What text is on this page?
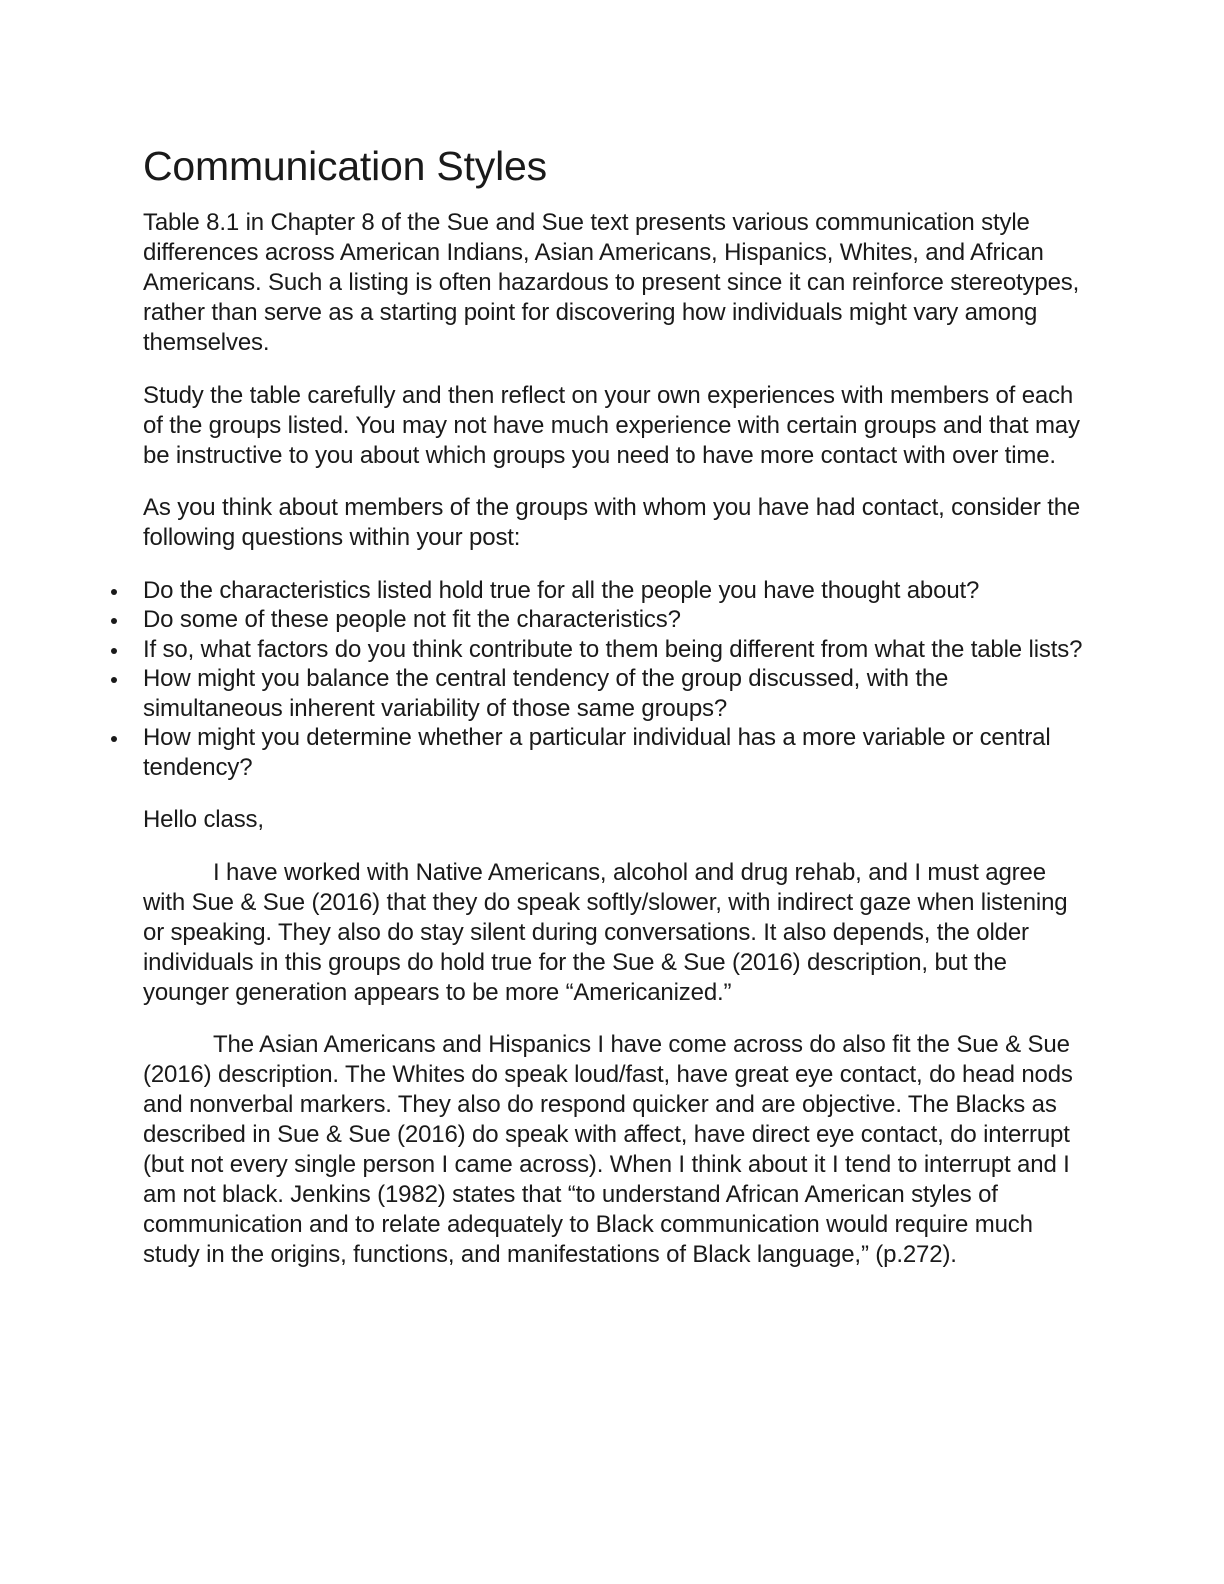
Communication Styles

Table 8.1 in Chapter 8 of the Sue and Sue text presents various communication style differences across American Indians, Asian Americans, Hispanics, Whites, and African Americans. Such a listing is often hazardous to present since it can reinforce stereotypes, rather than serve as a starting point for discovering how individuals might vary among themselves.

Study the table carefully and then reflect on your own experiences with members of each of the groups listed. You may not have much experience with certain groups and that may be instructive to you about which groups you need to have more contact with over time.

As you think about members of the groups with whom you have had contact, consider the following questions within your post:

Do the characteristics listed hold true for all the people you have thought about?
Do some of these people not fit the characteristics?
If so, what factors do you think contribute to them being different from what the table lists?
How might you balance the central tendency of the group discussed, with the simultaneous inherent variability of those same groups?
How might you determine whether a particular individual has a more variable or central tendency?

Hello class,

I have worked with Native Americans, alcohol and drug rehab, and I must agree with Sue & Sue (2016) that they do speak softly/slower, with indirect gaze when listening or speaking. They also do stay silent during conversations. It also depends, the older individuals in this groups do hold true for the Sue & Sue (2016) description, but the younger generation appears to be more “Americanized.”

The Asian Americans and Hispanics I have come across do also fit the Sue & Sue (2016) description. The Whites do speak loud/fast, have great eye contact, do head nods and nonverbal markers. They also do respond quicker and are objective. The Blacks as described in Sue & Sue (2016) do speak with affect, have direct eye contact, do interrupt (but not every single person I came across). When I think about it I tend to interrupt and I am not black. Jenkins (1982) states that “to understand African American styles of communication and to relate adequately to Black communication would require much study in the origins, functions, and manifestations of Black language,” (p.272).
